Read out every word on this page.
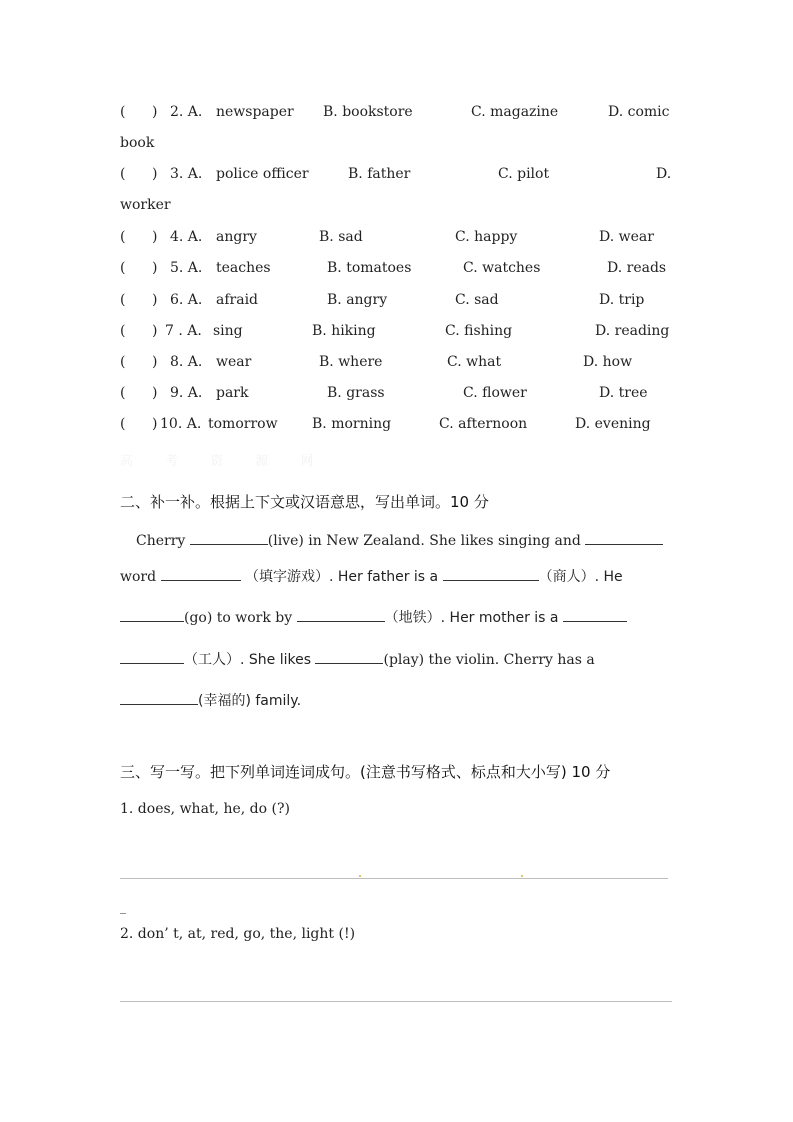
( ) 2. A. newspaper B. bookstore	C. magazine	D. comic
book
( ) 3. A. police officer	B. father	C. pilot	D.
worker
( ) 4. A. angry	B. sad	C. happy	D. wear
( ) 5. A. teaches	B. tomatoes	C. watches	D. reads
( ) 6. A. afraid	B. angry	C. sad	D. trip
( ) 7 . A. sing	B. hiking	C. fishing	D. reading
( ) 8. A. wear	B. where	C. what	D. how
( ) 9. A. park	B. grass	C. flower	D. tree
( ) 10. A. tomorrow B. morning	C. afternoon	D. evening
高 考 资 源 网
二、补一补。根据上下文或汉语意思，写出单词。10 分
Cherry	(live) in New Zealand. She likes singing and
word	（填字游戏）. Her father is a	（商人）. He
(go) to work by	（地铁）. Her mother is a
（工人）. She likes	(play) the violin. Cherry has a
(幸福的) family.
三、写一写。把下列单词连词成句。(注意书写格式、标点和大小写) 10 分
1. does, what, he, do (?)
_
2. don’ t, at, red, go, the, light (!)
